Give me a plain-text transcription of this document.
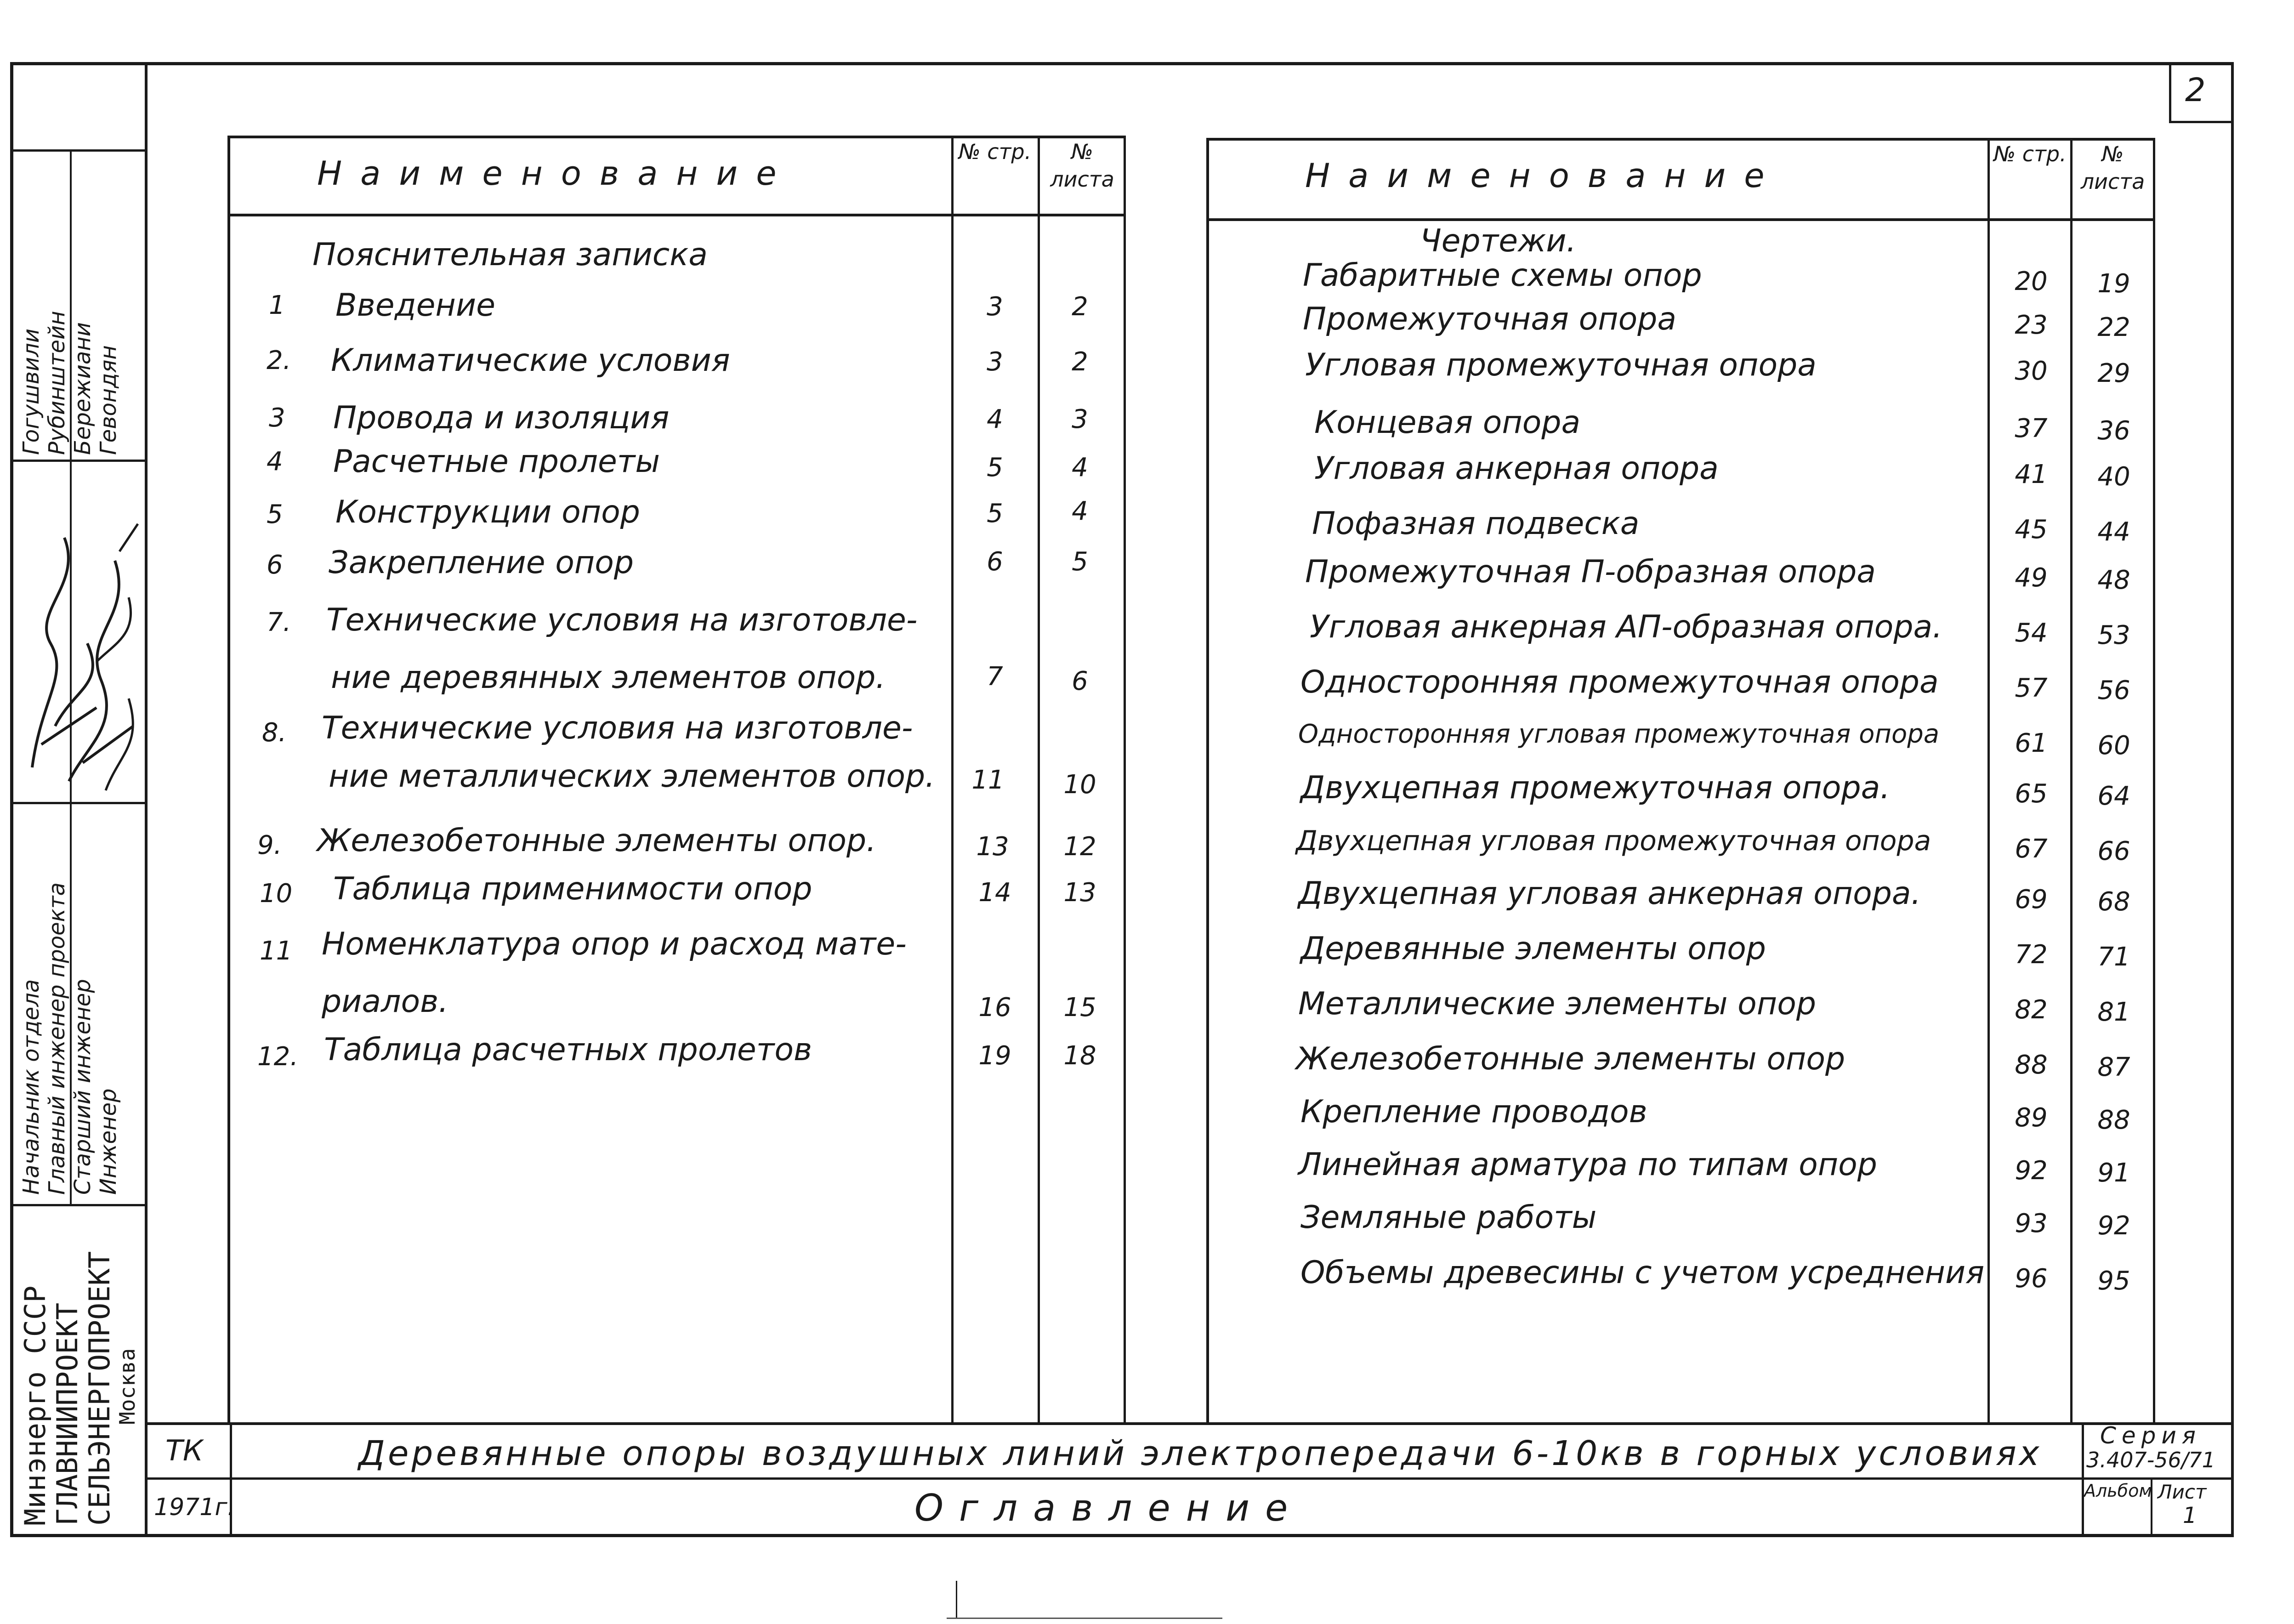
2
Гогушвили Рубинштейн Бережиани Гевондян
Начальник отдела Главный инженер проекта Старший инженер Инженер
Минэнерго СССР
ГЛАВНИИПРОЕКТ
СЕЛЬЭНЕРГОПРОЕКТ
Москва
Наименование
№ стр.	№ листа
Пояснительная записка
1 Введение	3	2
2. Климатические условия	3	2
3 Провода и изоляция	4	3
4 Расчетные пролеты	5	4
5 Конструкции опор	5	4
6 Закрепление опор	6	5
7. Технические условия на изготовле-
ние деревянных элементов опор.	7	6
8. Технические условия на изготовле-
ние металлических элементов опор.	11	10
9. Железобетонные элементы опор.	13	12
10 Таблица применимости опор	14	13
11 Номенклатура опор и расход мате-
риалов.	16	15
12. Таблица расчетных пролетов	19	18
Наименование
№ стр.	№ листа
Чертежи.
Габаритные схемы опор	20	19
Промежуточная опора	23	22
Угловая промежуточная опора	30	29
Концевая опора	37	36
Угловая анкерная опора	41	40
Пофазная подвеска	45	44
Промежуточная П-образная опора	49	48
Угловая анкерная АП-образная опора.	54	53
Односторонняя промежуточная опора	57	56
Односторонняя угловая промежуточная опора	61	60
Двухцепная промежуточная опора.	65	64
Двухцепная угловая промежуточная опора	67	66
Двухцепная угловая анкерная опора.	69	68
Деревянные элементы опор	72	71
Металлические элементы опор	82	81
Железобетонные элементы опор	88	87
Крепление проводов	89	88
Линейная арматура по типам опор	92	91
Земляные работы	93	92
Объемы древесины с учетом усреднения	96	95
ТК
1971г.
Деревянные опоры воздушных линий электропередачи 6-10кв в горных условиях
Оглавление
Серия
3.407-56/71
Альбом Лист
1
